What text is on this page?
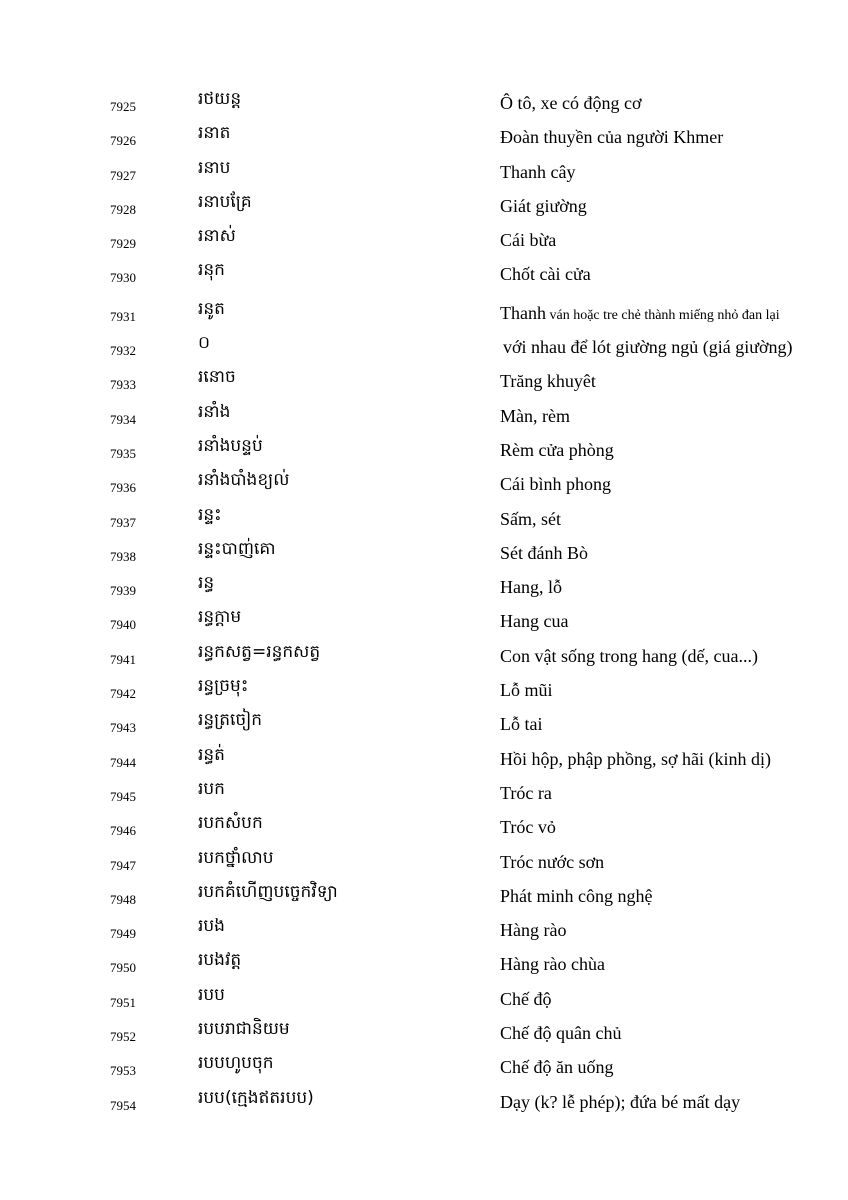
7925	រថយន្ត	Ô tô, xe có động cơ
7926	រនាត	Đoàn thuyền của người Khmer
7927	រនាប	Thanh cây
7928	រនាបគ្រែ	Giát giường
7929	រនាស់	Cái bừa
7930	រនុក	Chốt cài cửa
7931	រនូត	Thanh ván hoặc tre chẻ thành miếng nhỏ đan lại
7932	០	với nhau để lót giường ngủ (giá giường)
7933	រនោច	Trăng khuyêt
7934	រនាំង	Màn, rèm
7935	រនាំងបន្ទប់	Rèm cửa phòng
7936	រនាំងបាំងខ្យល់	Cái bình phong
7937	រន្ទះ	Sấm, sét
7938	រន្ទះបាញ់គោ	Sét đánh Bò
7939	រន្ធ	Hang, lỗ
7940	រន្ធក្តាម	Hang cua
7941	រន្ធកសត្វ=រន្ធកសត្វ	Con vật sống trong hang (dế, cua...)
7942	រន្ធច្រមុះ	Lỗ mũi
7943	រន្ធត្រចៀក	Lỗ tai
7944	រន្ធត់	Hồi hộp, phập phồng, sợ hãi (kinh dị)
7945	របក	Tróc ra
7946	របកសំបក	Tróc vỏ
7947	របកថ្នាំលាប	Tróc nước sơn
7948	របកគំហើញបច្ចេកវិទ្យា	Phát minh công nghệ
7949	របង	Hàng rào
7950	របងវត្ត	Hàng rào chùa
7951	របប	Chế độ
7952	របបរាជានិយម	Chế độ quân chủ
7953	របបហូបចុក	Chế độ ăn uống
7954	របប(ក្មេងឥតរបប)	Dạy (k? lễ phép); đứa bé mất dạy
